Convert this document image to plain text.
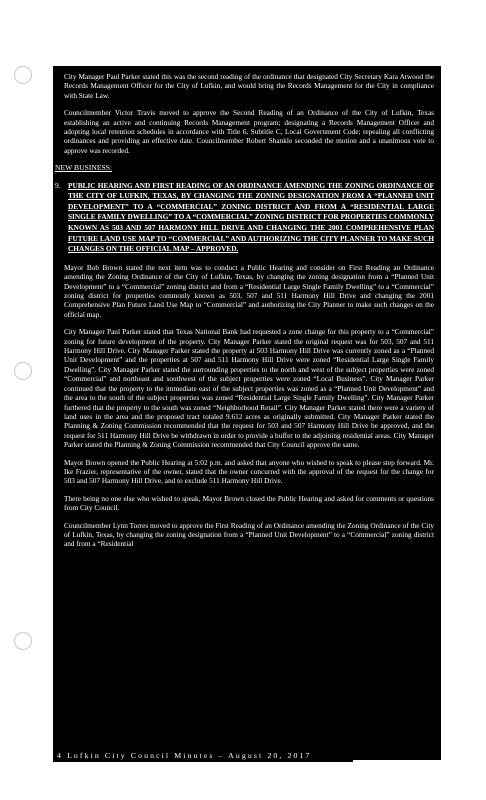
City Manager Paul Parker stated this was the second reading of the ordinance that designated City Secretary Kara Atwood the Records Management Officer for the City of Lufkin, and would bring the Records Management for the City in compliance with State Law.

Councilmember Victor Travis moved to approve the Second Reading of an Ordinance of the City of Lufkin, Texas establishing an active and continuing Records Management program; designating a Records Management Officer and adopting local retention schedules in accordance with Title 6, Subtitle C, Local Government Code; repealing all conflicting ordinances and providing an effective date. Councilmember Robert Shankle seconded the motion and a unanimous vote to approve was recorded.

NEW BUSINESS:
9.	PUBLIC HEARING AND FIRST READING OF AN ORDINANCE AMENDING THE ZONING ORDINANCE OF THE CITY OF LUFKIN, TEXAS, BY CHANGING THE ZONING DESIGNATION FROM A “PLANNED UNIT DEVELOPMENT” TO A “COMMERCIAL” ZONING DISTRICT AND FROM A “RESIDENTIAL LARGE SINGLE FAMILY DWELLING” TO A “COMMERCIAL” ZONING DISTRICT FOR PROPERTIES COMMONLY KNOWN AS 503 AND 507 HARMONY HILL DRIVE AND CHANGING THE 2001 COMPREHENSIVE PLAN FUTURE LAND USE MAP TO “COMMERCIAL” AND AUTHORIZING THE CITY PLANNER TO MAKE SUCH CHANGES ON THE OFFICIAL MAP – APPROVED.

Mayor Bob Brown stated the next item was to conduct a Public Hearing and consider on First Reading an Ordinance amending the Zoning Ordinance of the City of Lufkin, Texas, by changing the zoning designation from a “Planned Unit Development” to a “Commercial” zoning district and from a “Residential Large Single Family Dwelling” to a “Commercial” zoning district for properties commonly known as 503, 507 and 511 Harmony Hill Drive and changing the 2001 Comprehensive Plan Future Land Use Map to “Commercial” and authorizing the City Planner to make such changes on the official map.

City Manager Paul Parker stated that Texas National Bank had requested a zone change for this property to a “Commercial” zoning for future development of the property. City Manager Parker stated the original request was for 503, 507 and 511 Harmony Hill Drive. City Manager Parker stated the property at 503 Harmony Hill Drive was currently zoned as a “Planned Unit Development” and the properties at 507 and 511 Harmony Hill Drive were zoned “Residential Large Single Family Dwelling”. City Manager Parker stated the surrounding properties to the north and west of the subject properties were zoned “Commercial” and northeast and southwest of the subject properties were zoned “Local Business”. City Manager Parker continued that the property to the immediate east of the subject properties was zoned as a “Planned Unit Development” and the area to the south of the subject properties was zoned “Residential Large Single Family Dwelling”. City Manager Parker furthered that the property to the south was zoned “Neighborhood Retail”. City Manager Parker stated there were a variety of land uses in the area and the proposed tract totaled 9.612 acres as originally submitted. City Manager Parker stated the Planning & Zoning Commission recommended that the request for 503 and 507 Harmony Hill Drive be approved, and the request for 511 Harmony Hill Drive be withdrawn in order to provide a buffer to the adjoining residential areas. City Manager Parker stated the Planning & Zoning Commission recommended that City Council approve the same.

Mayor Brown opened the Public Hearing at 5:02 p.m. and asked that anyone who wished to speak to please step forward. Mr. Ike Frazier, representative of the owner, stated that the owner concurred with the approval of the request for the change for 503 and 507 Harmony Hill Drive, and to exclude 511 Harmony Hill Drive.

There being no one else who wished to speak, Mayor Brown closed the Public Hearing and asked for comments or questions from City Council.

Councilmember Lynn Torres moved to approve the First Reading of an Ordinance amending the Zoning Ordinance of the City of Lufkin, Texas, by changing the zoning designation from a “Planned Unit Development” to a “Commercial” zoning district and from a “Residential

4 Lufkin City Council Minutes – August 20, 2017
